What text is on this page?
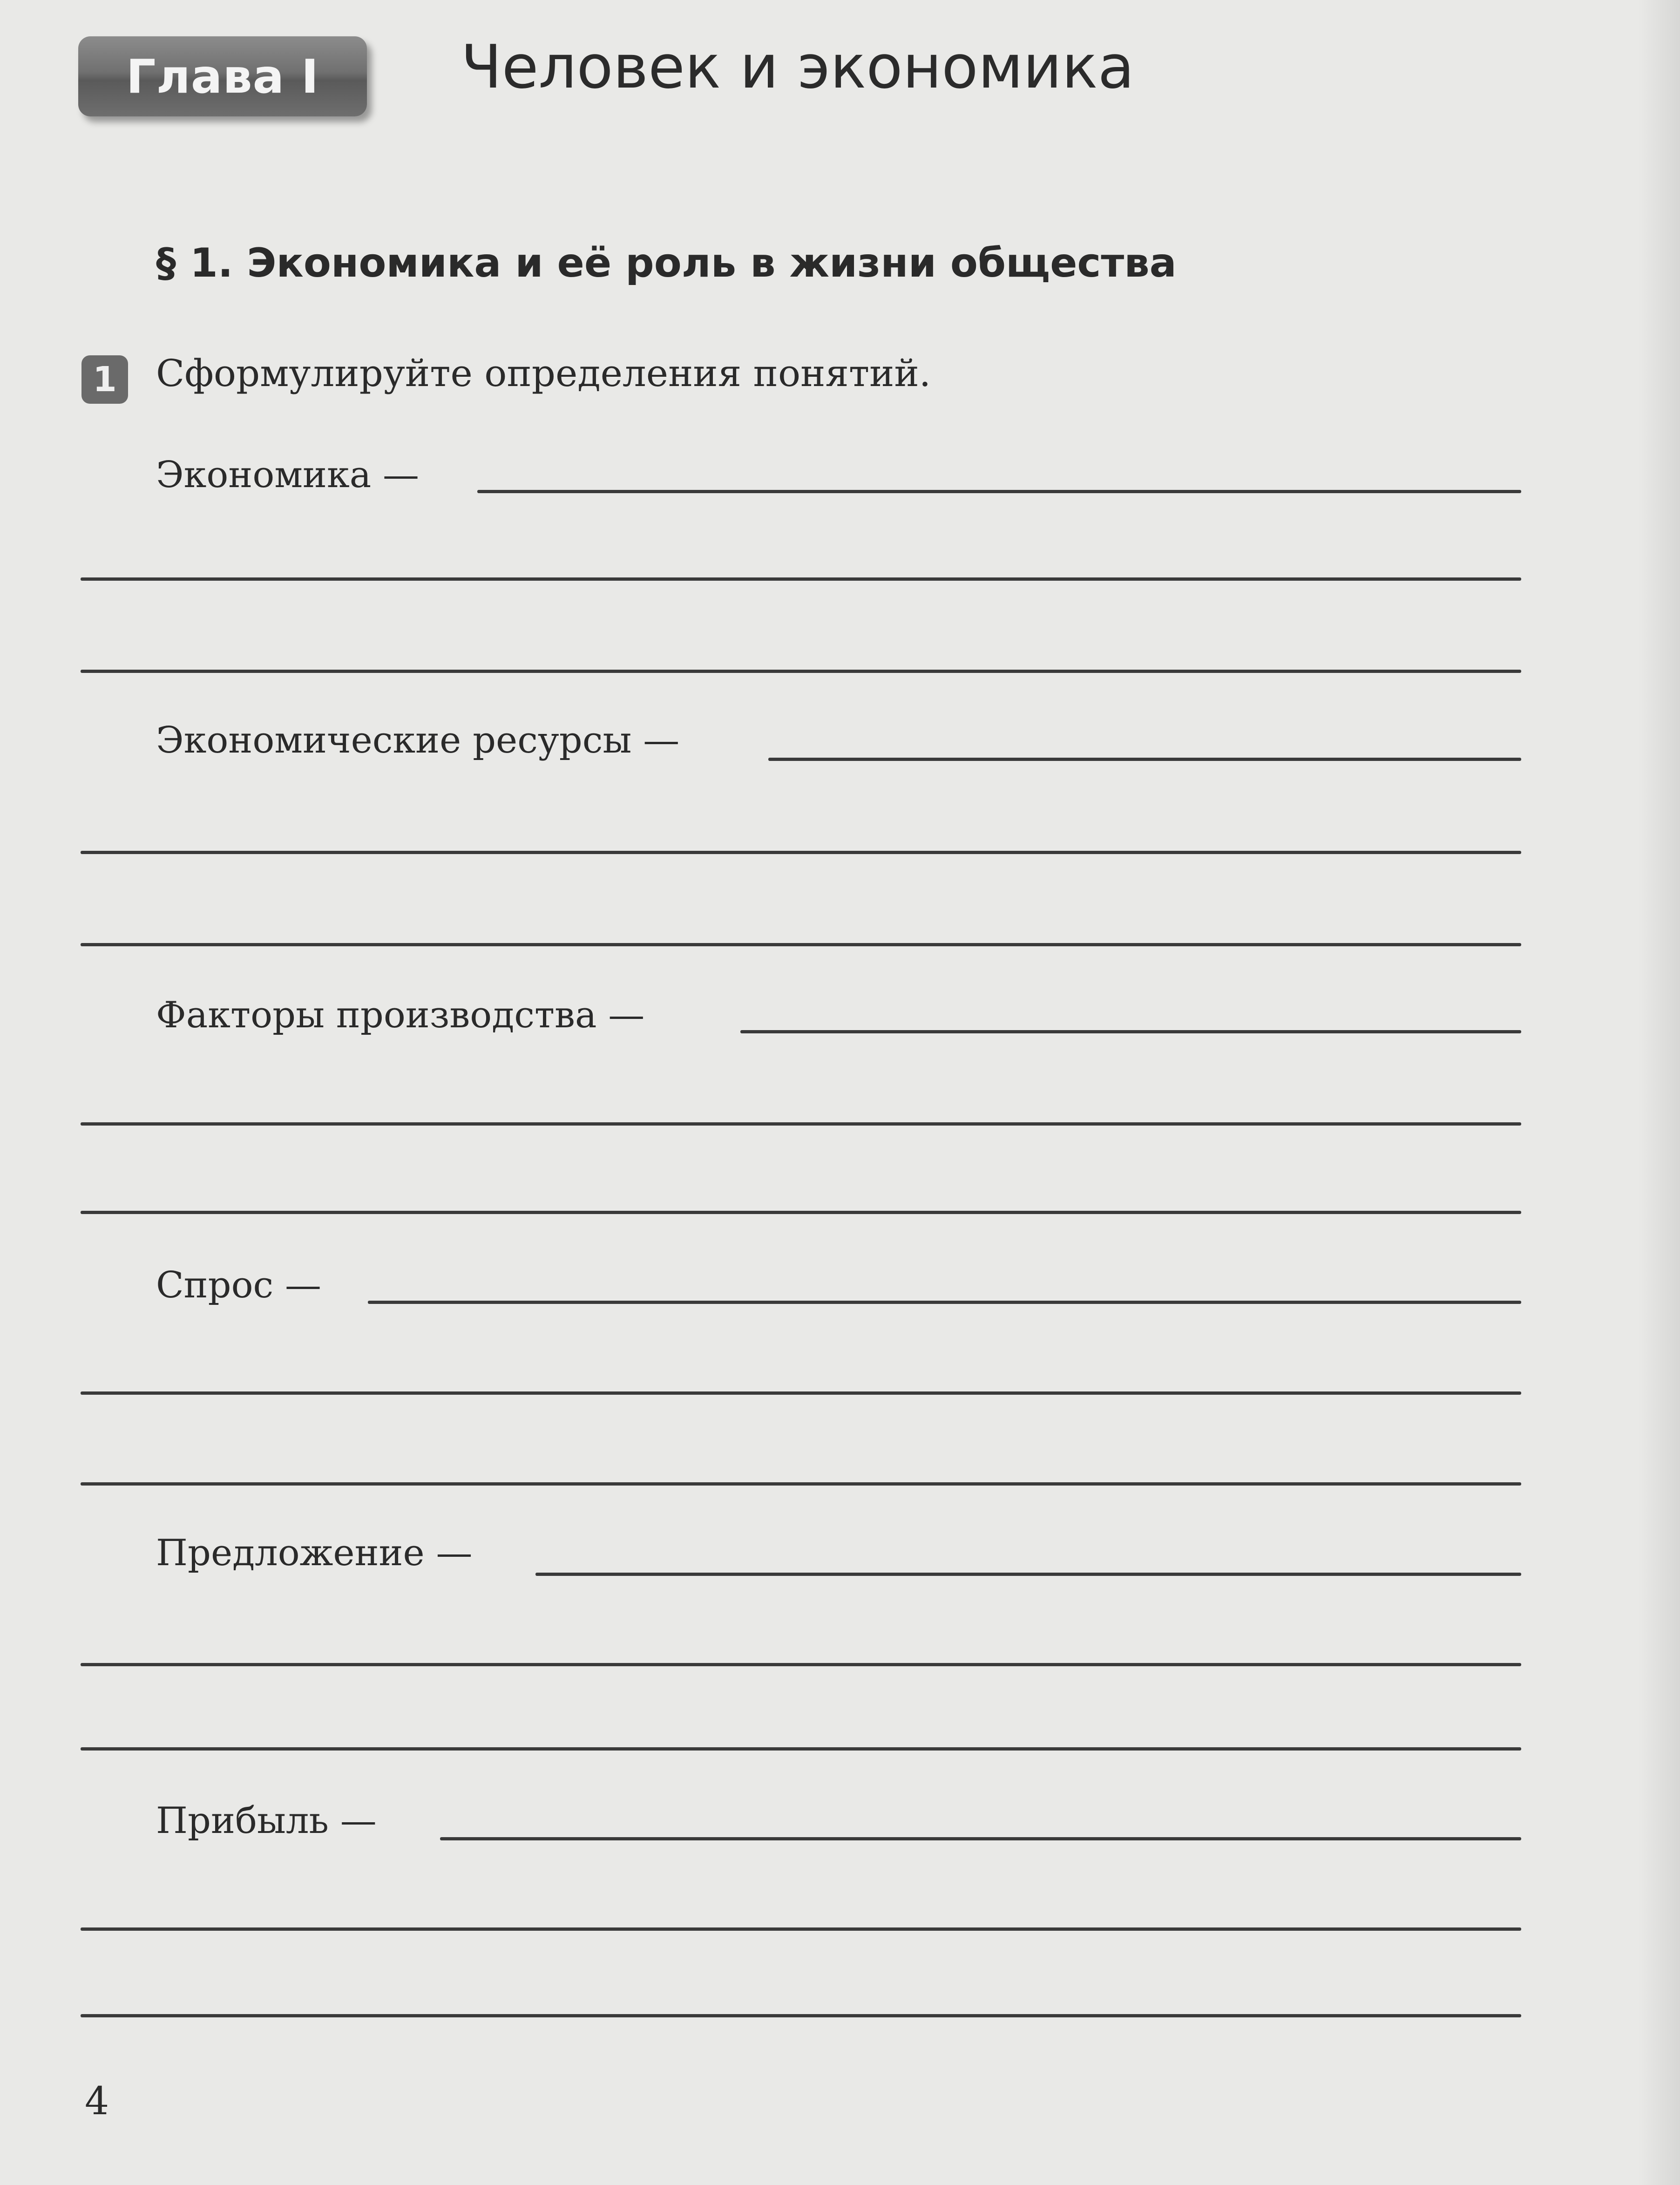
Глава I Человек и экономика
§ 1. Экономика и её роль в жизни общества
1 Сформулируйте определения понятий.
Экономика —
Экономические ресурсы —
Факторы производства —
Спрос —
Предложение —
Прибыль —
4
